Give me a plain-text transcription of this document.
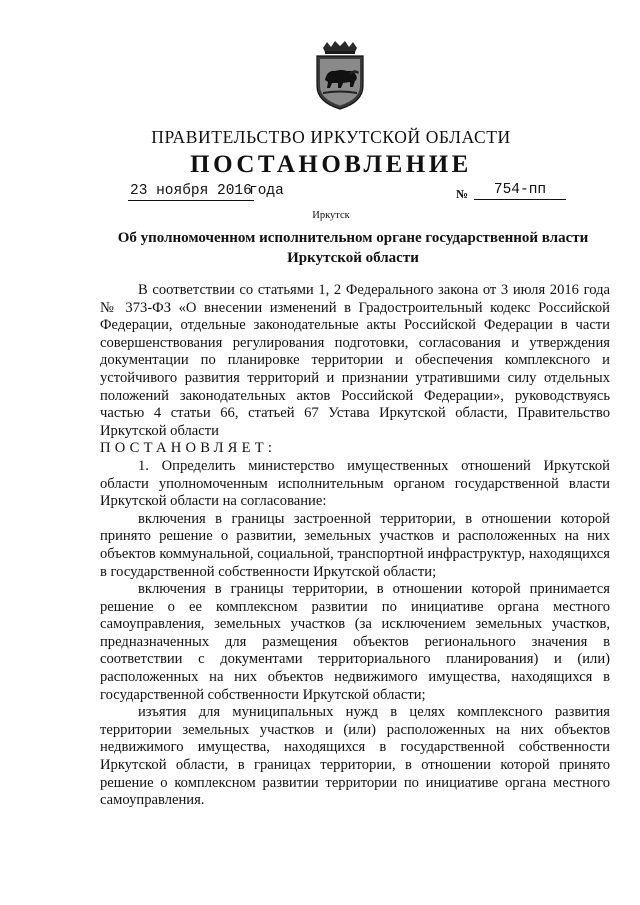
ПРАВИТЕЛЬСТВО ИРКУТСКОЙ ОБЛАСТИ
ПОСТАНОВЛЕНИЕ
23 ноября 2016
года	№	754-пп
Иркутск
Об уполномоченном исполнительном органе государственной власти
Иркутской области

В соответствии со статьями 1, 2 Федерального закона от 3 июля 2016 года № 373-ФЗ «О внесении изменений в Градостроительный кодекс Российской Федерации, отдельные законодательные акты Российской Федерации в части совершенствования регулирования подготовки, согласования и утверждения документации по планировке территории и обеспечения комплексного и устойчивого развития территорий и признании утратившими силу отдельных положений законодательных актов Российской Федерации», руководствуясь частью 4 статьи 66, статьей 67 Устава Иркутской области, Правительство Иркутской области

ПОСТАНОВЛЯЕТ:

1. Определить министерство имущественных отношений Иркутской области уполномоченным исполнительным органом государственной власти Иркутской области на согласование:

включения в границы застроенной территории, в отношении которой принято решение о развитии, земельных участков и расположенных на них объектов коммунальной, социальной, транспортной инфраструктур, находящихся в государственной собственности Иркутской области;

включения в границы территории, в отношении которой принимается решение о ее комплексном развитии по инициативе органа местного самоуправления, земельных участков (за исключением земельных участков, предназначенных для размещения объектов регионального значения в соответствии с документами территориального планирования) и (или) расположенных на них объектов недвижимого имущества, находящихся в государственной собственности Иркутской области;

изъятия для муниципальных нужд в целях комплексного развития территории земельных участков и (или) расположенных на них объектов недвижимого имущества, находящихся в государственной собственности Иркутской области, в границах территории, в отношении которой принято решение о комплексном развитии территории по инициативе органа местного самоуправления.
